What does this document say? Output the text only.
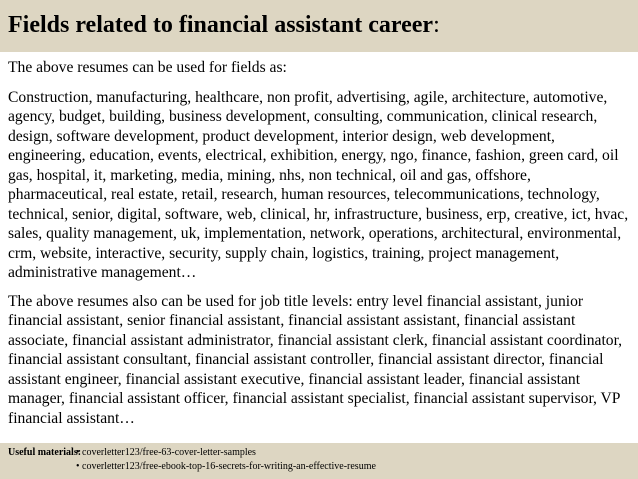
Fields related to financial assistant career:

The above resumes can be used for fields as:

Construction, manufacturing, healthcare, non profit, advertising, agile, architecture, automotive, agency, budget, building, business development, consulting, communication, clinical research, design, software development, product development, interior design, web development, engineering, education, events, electrical, exhibition, energy, ngo, finance, fashion, green card, oil gas, hospital, it, marketing, media, mining, nhs, non technical, oil and gas, offshore, pharmaceutical, real estate, retail, research, human resources, telecommunications, technology, technical, senior, digital, software, web, clinical, hr, infrastructure, business, erp, creative, ict, hvac, sales, quality management, uk, implementation, network, operations, architectural, environmental, crm, website, interactive, security, supply chain, logistics, training, project management, administrative management…

The above resumes also can be used for job title levels: entry level financial assistant, junior financial assistant, senior financial assistant, financial assistant assistant, financial assistant associate, financial assistant administrator, financial assistant clerk, financial assistant coordinator, financial assistant consultant, financial assistant controller, financial assistant director, financial assistant engineer, financial assistant executive, financial assistant leader, financial assistant manager, financial assistant officer, financial assistant specialist, financial assistant supervisor, VP financial assistant…

Useful materials:
• coverletter123/free-63-cover-letter-samples
• coverletter123/free-ebook-top-16-secrets-for-writing-an-effective-resume
